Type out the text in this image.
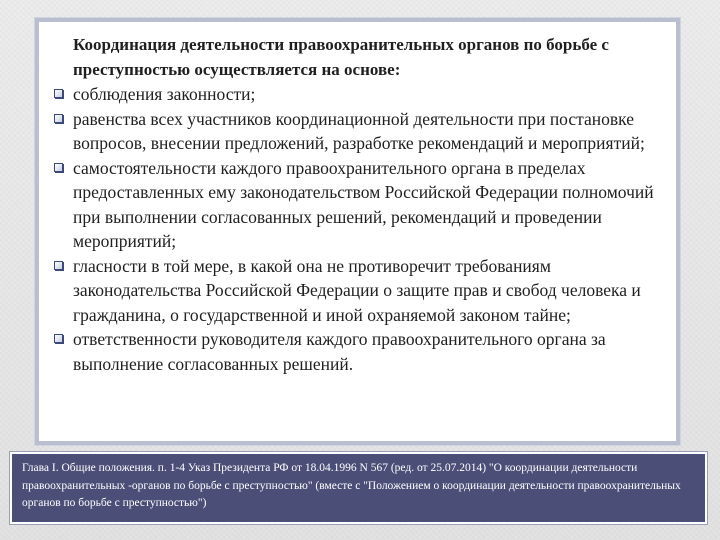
Координация деятельности правоохранительных органов по борьбе с преступностью осуществляется на основе:

соблюдения законности;
равенства всех участников координационной деятельности при постановке вопросов, внесении предложений, разработке рекомендаций и мероприятий;
самостоятельности каждого правоохранительного органа в пределах предоставленных ему законодательством Российской Федерации полномочий при выполнении согласованных решений, рекомендаций и проведении мероприятий;
гласности в той мере, в какой она не противоречит требованиям законодательства Российской Федерации о защите прав и свобод человека и гражданина, о государственной и иной охраняемой законом тайне;
ответственности руководителя каждого правоохранительного органа за выполнение согласованных решений.

Глава I. Общие положения. п. 1-4 Указ Президента РФ от 18.04.1996 N 567 (ред. от 25.07.2014) "О координации деятельности правоохранительных -органов по борьбе с преступностью" (вместе с "Положением о координации деятельности правоохранительных органов по борьбе с преступностью")
